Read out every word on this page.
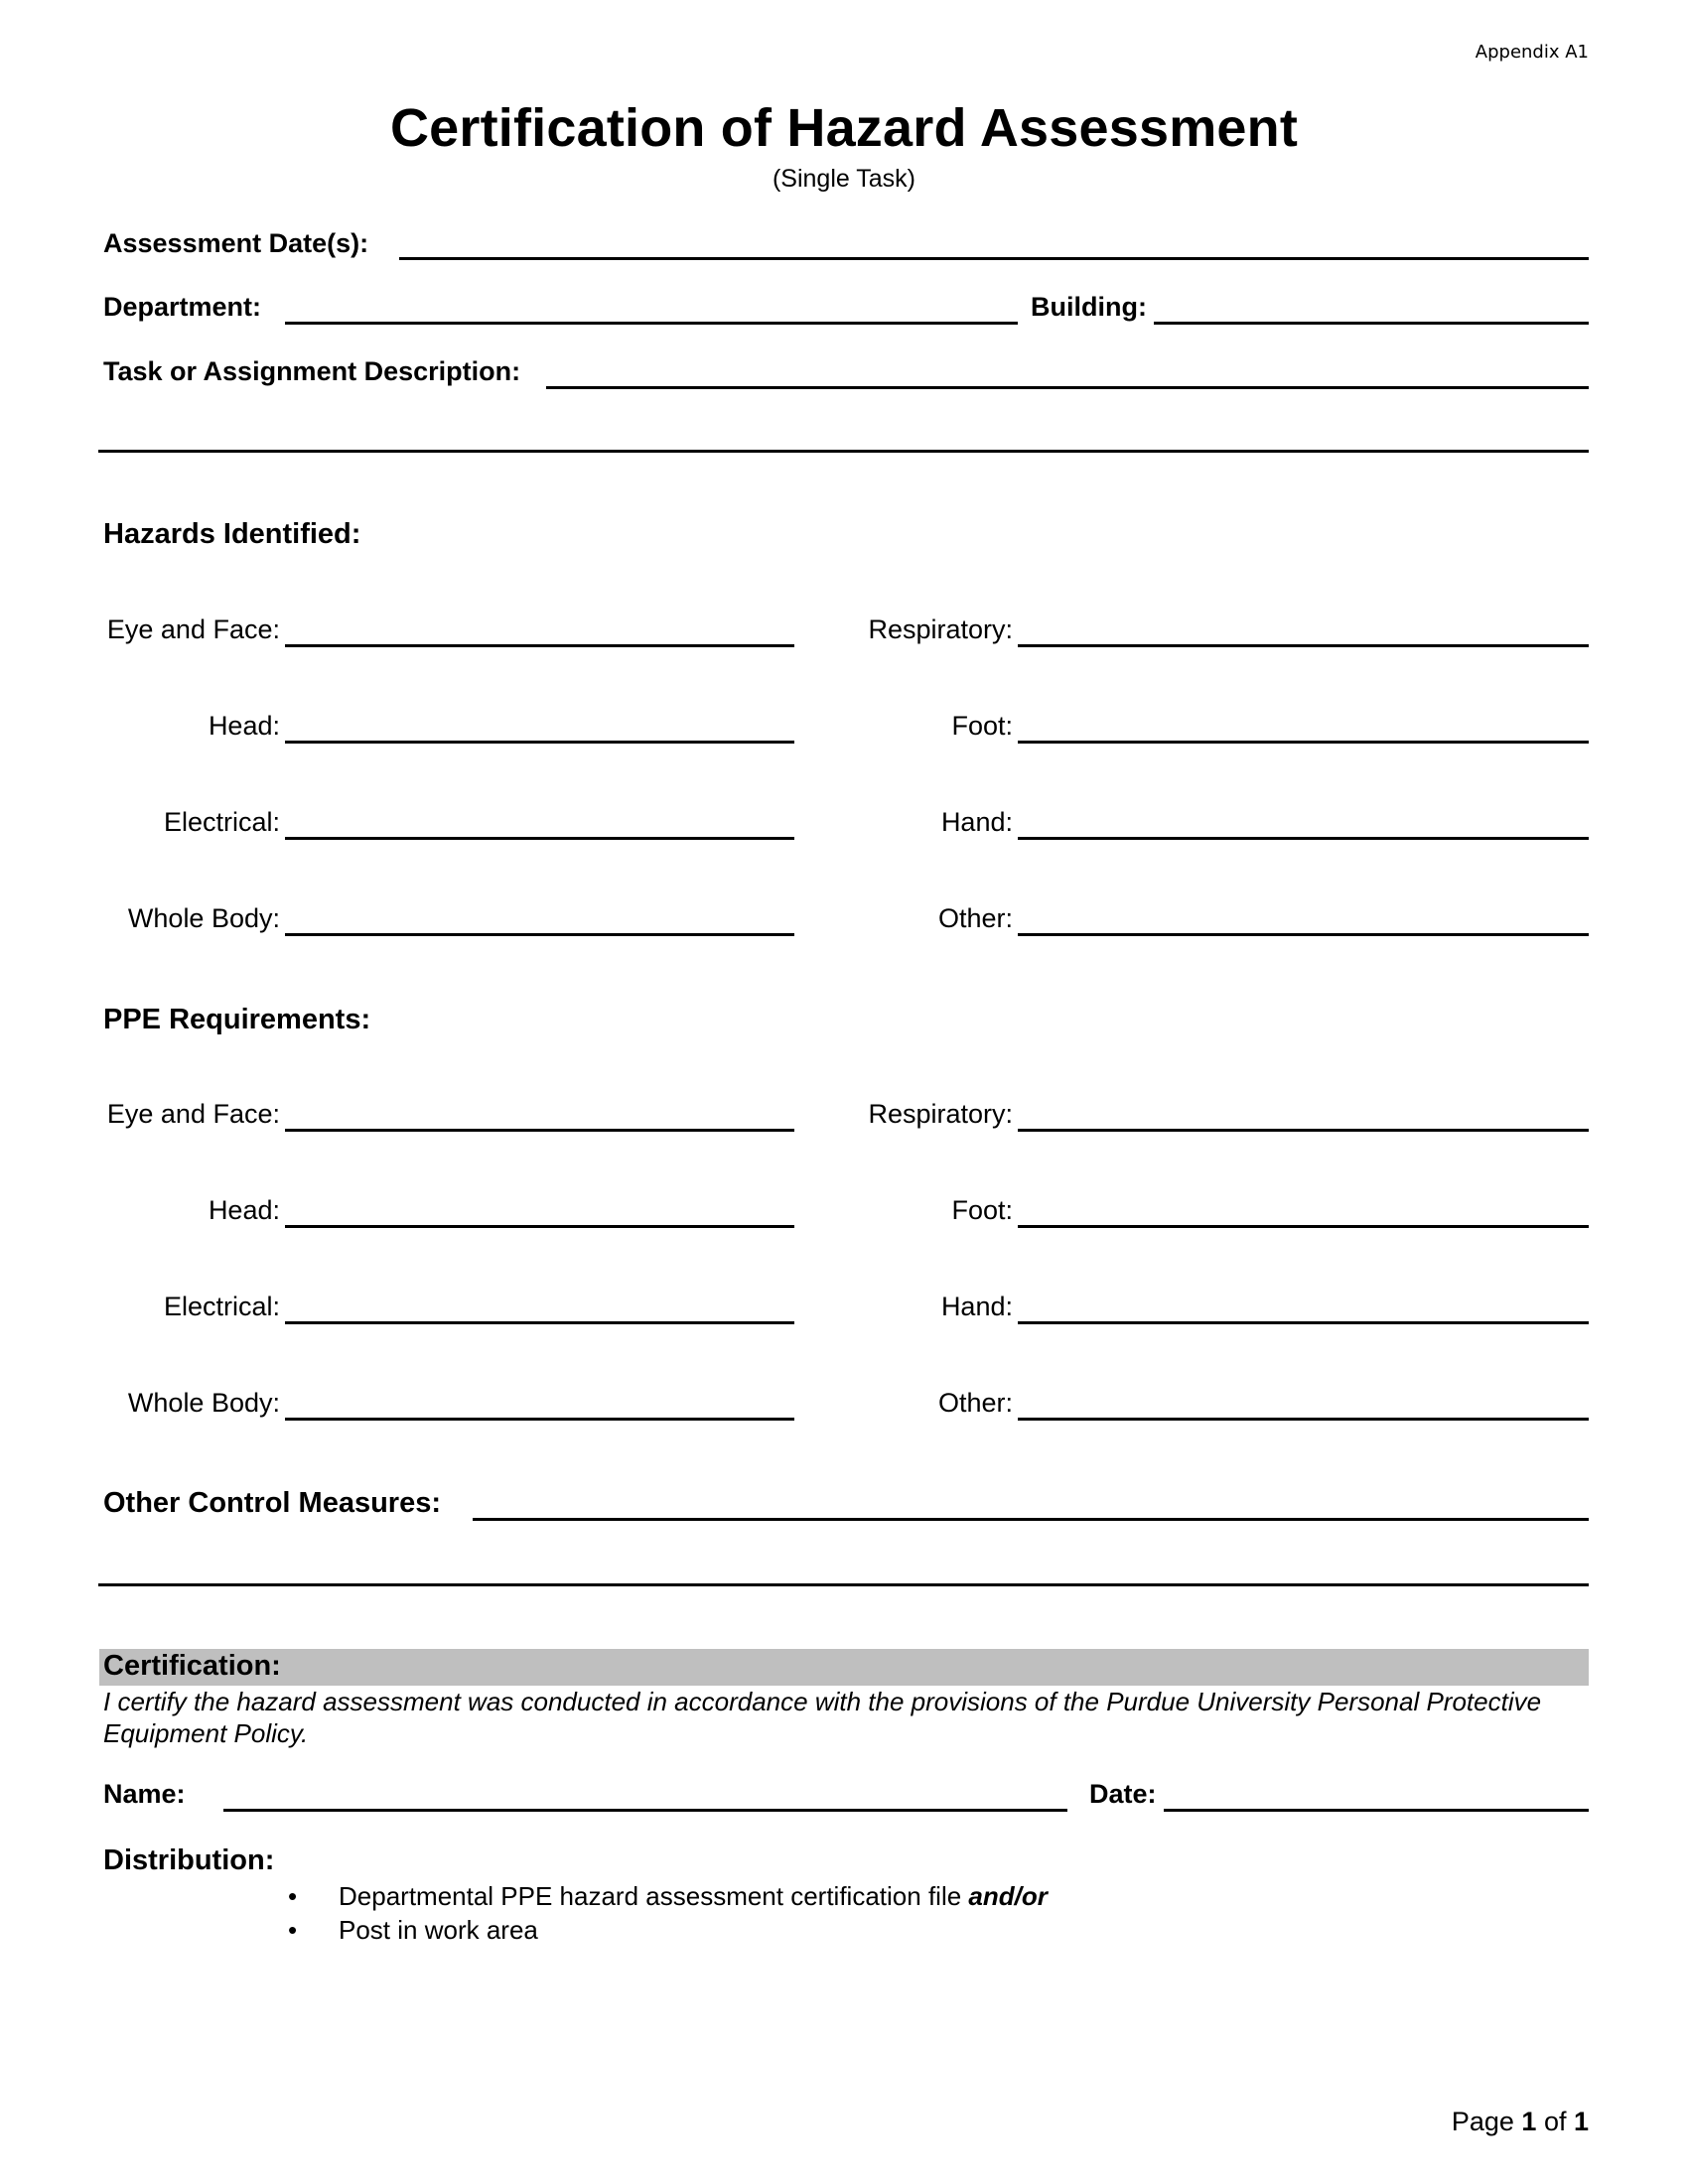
Appendix A1
Certification of Hazard Assessment
(Single Task)
Assessment Date(s):
Department:	Building:
Task or Assignment Description:
Hazards Identified:
Eye and Face:
Head:
Electrical:
Whole Body:
Respiratory:
Foot:
Hand:
Other:
PPE Requirements:
Eye and Face:
Head:
Electrical:
Whole Body:
Respiratory:
Foot:
Hand:
Other:
Other Control Measures:
Certification:
I certify the hazard assessment was conducted in accordance with the provisions of the Purdue University Personal Protective Equipment Policy.
Name:	Date:
Distribution:
• Departmental PPE hazard assessment certification file and/or
• Post in work area
Page 1 of 1
